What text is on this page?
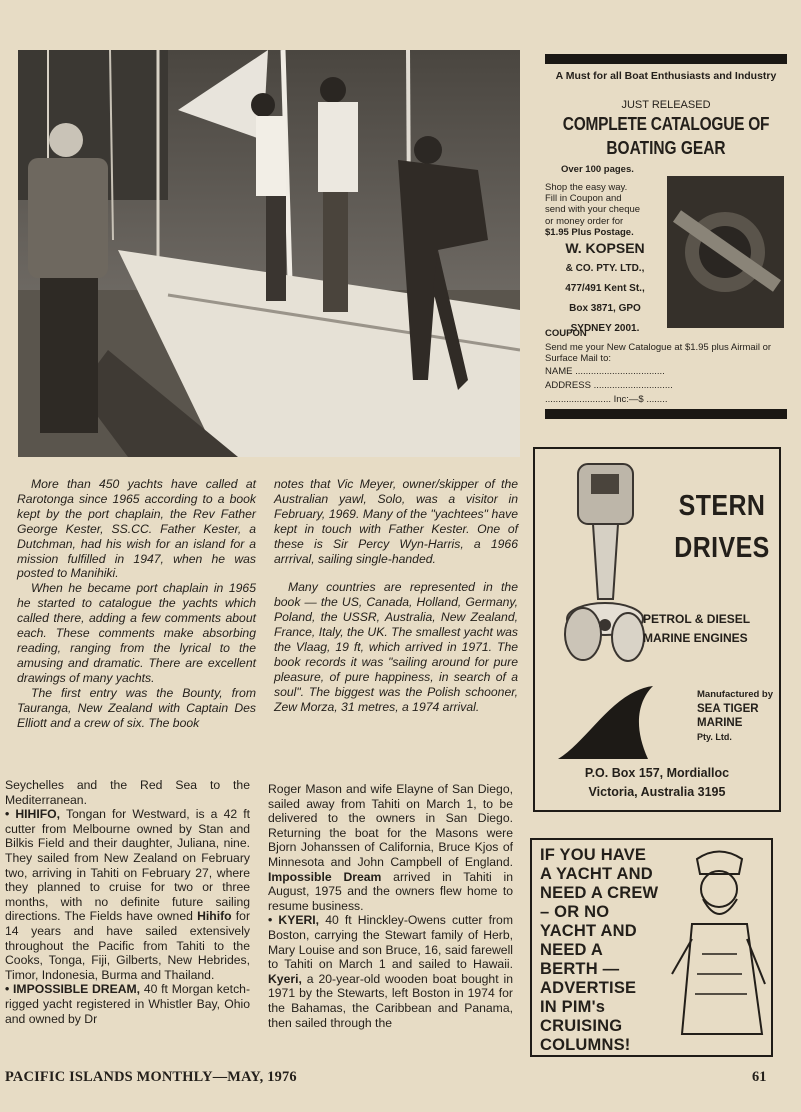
A Must for all Boat Enthusiasts and Industry
JUST RELEASED
COMPLETE CATALOGUE OF
BOATING GEAR
Over 100 pages.
Shop the easy way.
Fill in Coupon and
send with your cheque
or money order for
$1.95 Plus Postage.
W. KOPSEN
& CO. PTY. LTD.,
477/491 Kent St.,
Box 3871, GPO
SYDNEY 2001.
COUPON
Send me your New Catalogue at $1.95 plus Airmail or Surface Mail to:
NAME ..................................
ADDRESS ..............................
......................... Inc:—$ ........

More than 450 yachts have called at Rarotonga since 1965 according to a book kept by the port chaplain, the Rev Father George Kester, SS.CC. Father Kester, a Dutchman, had his wish for an island for a mission fulfilled in 1947, when he was posted to Manihiki.

When he became port chaplain in 1965 he started to catalogue the yachts which called there, adding a few comments about each. These comments make absorbing reading, ranging from the lyrical to the amusing and dramatic. There are excellent drawings of many yachts.

The first entry was the Bounty, from Tauranga, New Zealand with Captain Des Elliott and a crew of six. The book

notes that Vic Meyer, owner/skipper of the Australian yawl, Solo, was a visitor in February, 1969. Many of the "yachtees" have kept in touch with Father Kester. One of these is Sir Percy Wyn-Harris, a 1966 arrrival, sailing single-handed.

Many countries are represented in the book — the US, Canada, Holland, Germany, Poland, the USSR, Australia, New Zealand, France, Italy, the UK. The smallest yacht was the Vlaag, 19 ft, which arrived in 1971. The book records it was "sailing around for pure pleasure, of pure happiness, in search of a soul". The biggest was the Polish schooner, Zew Morza, 31 metres, a 1974 arrival.

STERN
DRIVES
PETROL & DIESEL
MARINE ENGINES
Manufactured by
SEA TIGER
MARINE
Pty. Ltd.
P.O. Box 157, Mordialloc
Victoria, Australia 3195

Seychelles and the Red Sea to the Mediterranean.

• HIHIFO, Tongan for Westward, is a 42 ft cutter from Melbourne owned by Stan and Bilkis Field and their daughter, Juliana, nine. They sailed from New Zealand on February two, arriving in Tahiti on February 27, where they planned to cruise for two or three months, with no definite future sailing directions. The Fields have owned Hihifo for 14 years and have sailed extensively throughout the Pacific from Tahiti to the Cooks, Tonga, Fiji, Gilberts, New Hebrides, Timor, Indonesia, Burma and Thailand.

• IMPOSSIBLE DREAM, 40 ft Morgan ketch-rigged yacht registered in Whistler Bay, Ohio and owned by Dr

Roger Mason and wife Elayne of San Diego, sailed away from Tahiti on March 1, to be delivered to the owners in San Diego. Returning the boat for the Masons were Bjorn Johanssen of California, Bruce Kjos of Minnesota and John Campbell of England. Impossible Dream arrived in Tahiti in August, 1975 and the owners flew home to resume business.

• KYERI, 40 ft Hinckley-Owens cutter from Boston, carrying the Stewart family of Herb, Mary Louise and son Bruce, 16, said farewell to Tahiti on March 1 and sailed to Hawaii. Kyeri, a 20-year-old wooden boat bought in 1971 by the Stewarts, left Boston in 1974 for the Bahamas, the Caribbean and Panama, then sailed through the

IF YOU HAVE
A YACHT AND
NEED A CREW
– OR NO
YACHT AND
NEED A
BERTH —
ADVERTISE
IN PIM's
CRUISING
COLUMNS!
PACIFIC ISLANDS MONTHLY—MAY, 1976	61
